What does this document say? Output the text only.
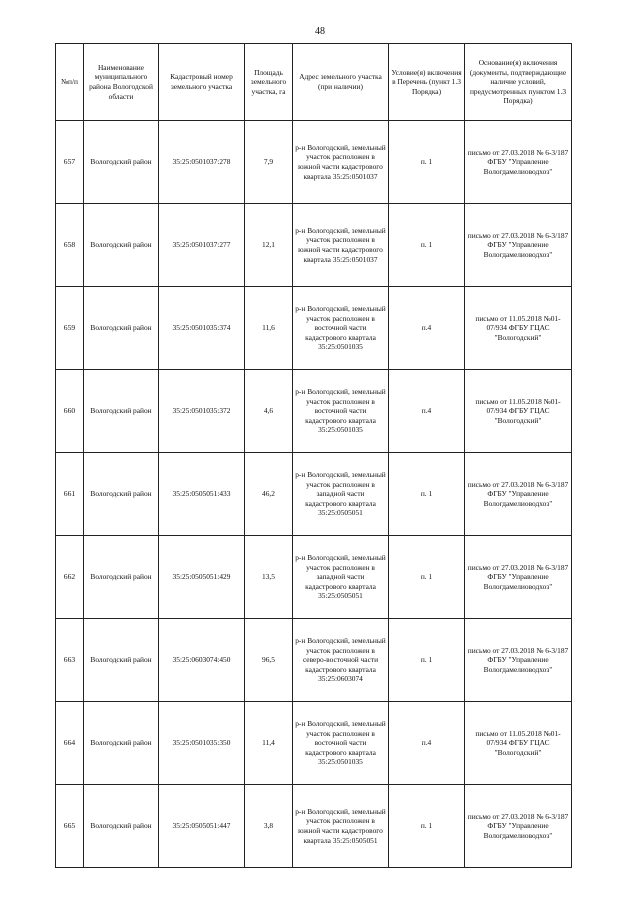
48
№п/п	Наименование муниципального района Вологодской области	Кадастровый номер земельного участка	Площадь земельного участка, га	Адрес земельного участка (при наличии)	Условие(я) включения в Перечень (пункт 1.3 Порядка)	Основание(я) включения (документы, подтверждающие наличие условий, предусмотренных пунктом 1.3 Порядка)
657	Вологодский район	35:25:0501037:278	7,9	р-н Вологодский, земельный участок расположен в южной части кадастрового квартала 35:25:0501037	п. 1	письмо от 27.03.2018 № 6-3/187 ФГБУ "Управление Вологдамелиоводхоз"
658	Вологодский район	35:25:0501037:277	12,1	р-н Вологодский, земельный участок расположен в южной части кадастрового квартала 35:25:0501037	п. 1	письмо от 27.03.2018 № 6-3/187 ФГБУ "Управление Вологдамелиоводхоз"
659	Вологодский район	35:25:0501035:374	11,6	р-н Вологодский, земельный участок расположен в восточной части кадастрового квартала 35:25:0501035	п.4	письмо от 11.05.2018 №01-07/934 ФГБУ ГЦАС "Вологодский"
660	Вологодский район	35:25:0501035:372	4,6	р-н Вологодский, земельный участок расположен в восточной части кадастрового квартала 35:25:0501035	п.4	письмо от 11.05.2018 №01-07/934 ФГБУ ГЦАС "Вологодский"
661	Вологодский район	35:25:0505051:433	46,2	р-н Вологодский, земельный участок расположен в западной части кадастрового квартала 35:25:0505051	п. 1	письмо от 27.03.2018 № 6-3/187 ФГБУ "Управление Вологдамелиоводхоз"
662	Вологодский район	35:25:0505051:429	13,5	р-н Вологодский, земельный участок расположен в западной части кадастрового квартала 35:25:0505051	п. 1	письмо от 27.03.2018 № 6-3/187 ФГБУ "Управление Вологдамелиоводхоз"
663	Вологодский район	35:25:0603074:450	96,5	р-н Вологодский, земельный участок расположен в северо-восточной части кадастрового квартала 35:25:0603074	п. 1	письмо от 27.03.2018 № 6-3/187 ФГБУ "Управление Вологдамелиоводхоз"
664	Вологодский район	35:25:0501035:350	11,4	р-н Вологодский, земельный участок расположен в восточной части кадастрового квартала 35:25:0501035	п.4	письмо от 11.05.2018 №01-07/934 ФГБУ ГЦАС "Вологодский"
665	Вологодский район	35:25:0505051:447	3,8	р-н Вологодский, земельный участок расположен в южной части кадастрового квартала 35:25:0505051	п. 1	письмо от 27.03.2018 № 6-3/187 ФГБУ "Управление Вологдамелиоводхоз"
